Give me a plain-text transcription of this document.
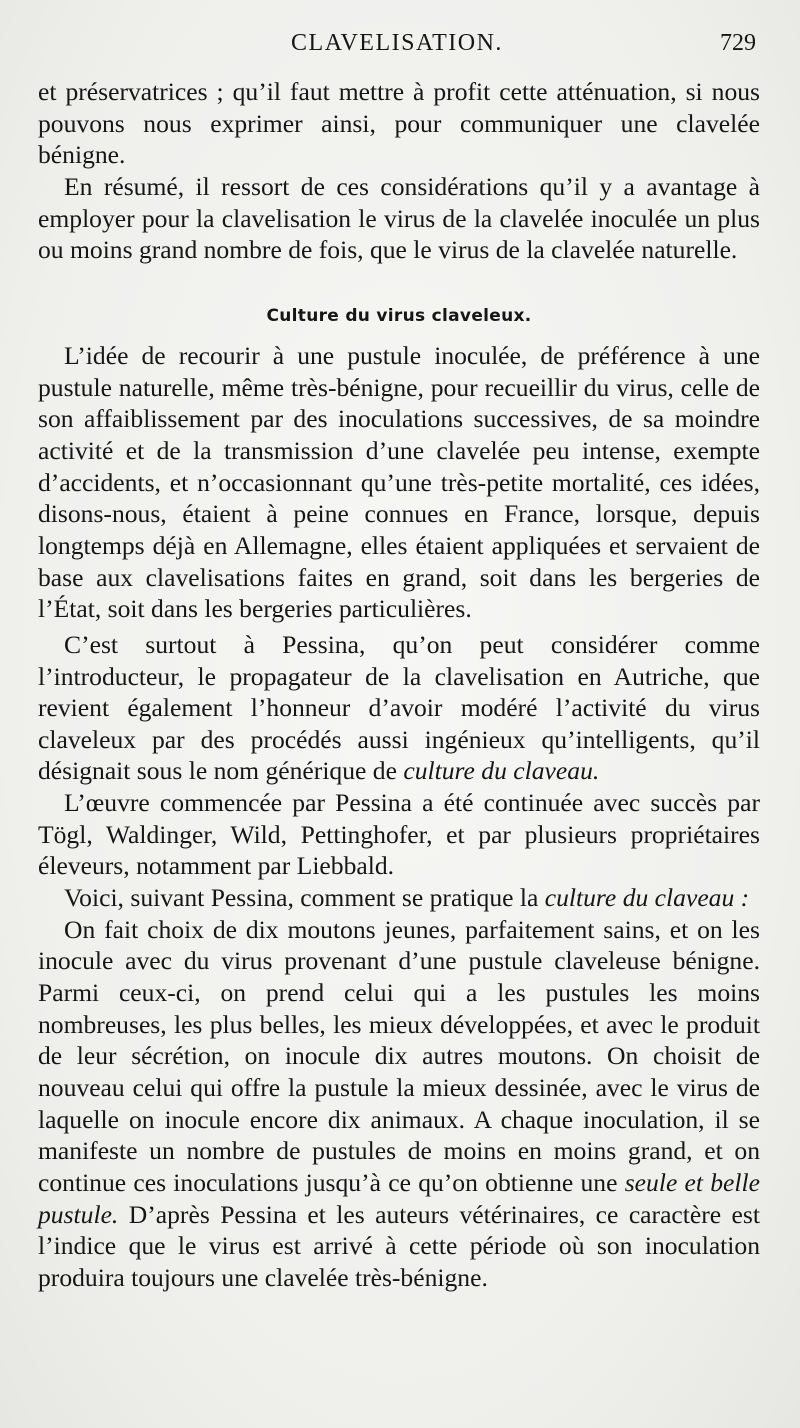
CLAVELISATION.	729

et préservatrices ; qu’il faut mettre à profit cette atténuation, si nous pouvons nous exprimer ainsi, pour communiquer une clavelée bénigne.

En résumé, il ressort de ces considérations qu’il y a avantage à employer pour la clavelisation le virus de la clavelée inoculée un plus ou moins grand nombre de fois, que le virus de la clavelée naturelle.

Culture du virus claveleux.

L’idée de recourir à une pustule inoculée, de préférence à une pustule naturelle, même très-bénigne, pour recueillir du virus, celle de son affaiblissement par des inoculations successives, de sa moindre activité et de la transmission d’une clavelée peu intense, exempte d’accidents, et n’occasionnant qu’une très-petite mortalité, ces idées, disons-nous, étaient à peine connues en France, lorsque, depuis longtemps déjà en Allemagne, elles étaient appliquées et servaient de base aux clavelisations faites en grand, soit dans les bergeries de l’État, soit dans les bergeries particulières.

C’est surtout à Pessina, qu’on peut considérer comme l’introducteur, le propagateur de la clavelisation en Autriche, que revient également l’honneur d’avoir modéré l’activité du virus claveleux par des procédés aussi ingénieux qu’intelligents, qu’il désignait sous le nom générique de culture du claveau.

L’œuvre commencée par Pessina a été continuée avec succès par Tögl, Waldinger, Wild, Pettinghofer, et par plusieurs propriétaires éleveurs, notamment par Liebbald.

Voici, suivant Pessina, comment se pratique la culture du claveau :

On fait choix de dix moutons jeunes, parfaitement sains, et on les inocule avec du virus provenant d’une pustule claveleuse bénigne. Parmi ceux-ci, on prend celui qui a les pustules les moins nombreuses, les plus belles, les mieux développées, et avec le produit de leur sécrétion, on inocule dix autres moutons. On choisit de nouveau celui qui offre la pustule la mieux dessinée, avec le virus de laquelle on inocule encore dix animaux. A chaque inoculation, il se manifeste un nombre de pustules de moins en moins grand, et on continue ces inoculations jusqu’à ce qu’on obtienne une seule et belle pustule. D’après Pessina et les auteurs vétérinaires, ce caractère est l’indice que le virus est arrivé à cette période où son inoculation produira toujours une clavelée très-bénigne.
